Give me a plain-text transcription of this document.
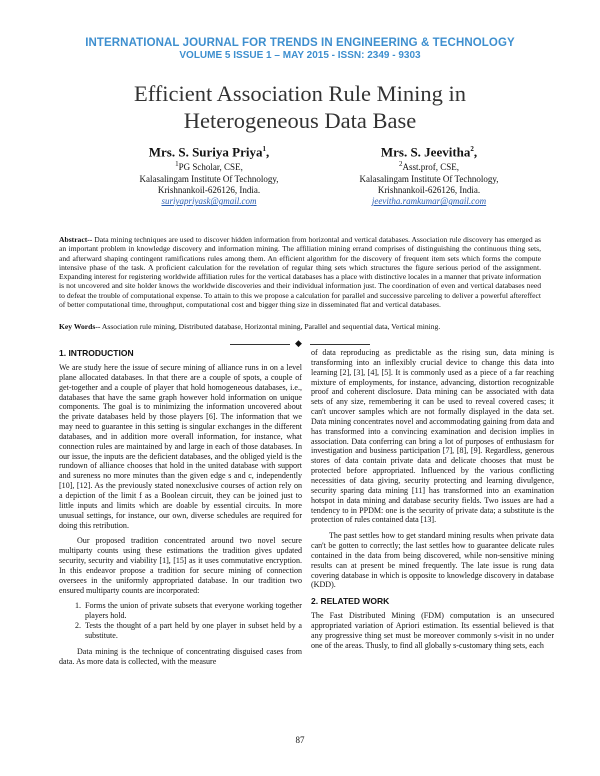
INTERNATIONAL JOURNAL FOR TRENDS IN ENGINEERING & TECHNOLOGY
VOLUME 5 ISSUE 1 – MAY 2015 - ISSN: 2349 - 9303
Efficient Association Rule Mining in
Heterogeneous Data Base
Mrs. S. Suriya Priya$^1$,
$^1$PG Scholar, CSE,
Kalasalingam Institute Of Technology,
Krishnankoil-626126, India.
suriyapriyask@gmail.com
Mrs. S. Jeevitha$^2$,
$^2$Asst.prof, CSE,
Kalasalingam Institute Of Technology,
Krishnankoil-626126, India.
jeevitha.ramkumar@gmail.com
Abstract-- Data mining techniques are used to discover hidden information from horizontal and vertical databases. Association rule discovery has emerged as an important problem in knowledge discovery and information mining. The affiliation mining errand comprises of distinguishing the continuous thing sets, and afterward shaping contingent ramifications rules among them. An efficient algorithm for the discovery of frequent item sets which forms the compute intensive phase of the task. A proficient calculation for the revelation of regular thing sets which structures the figure serious period of the assignment. Expanding interest for registering worldwide affiliation rules for the vertical databases has a place with distinctive locales in a manner that private information is not uncovered and site holder knows the worldwide discoveries and their individual information just. The coordination of even and vertical databases need to defeat the trouble of computational expense. To attain to this we propose a calculation for parallel and successive parceling to deliver a powerful aftereffect of better computational time, throughput, computational cost and bigger thing size in disseminated flat and vertical databases.
Key Words-- Association rule mining, Distributed database, Horizontal mining, Parallel and sequential data, Vertical mining.
◆
1. INTRODUCTION

We are study here the issue of secure mining of alliance runs in on a level plane allocated databases. In that there are a couple of spots, a couple of get-together and a couple of player that hold homogeneous databases, i.e., databases that have the same graph however hold information on unique components. The goal is to minimizing the information uncovered about the private databases held by those players [6]. The information that we may need to guarantee in this setting is singular exchanges in the different databases, and in addition more overall information, for instance, what connection rules are maintained by and large in each of those databases. In our issue, the inputs are the deficient databases, and the obliged yield is the rundown of alliance chooses that hold in the united database with support and sureness no more minutes than the given edge s and c, independently [10], [12]. As the previously stated nonexclusive courses of action rely on a depiction of the limit f as a Boolean circuit, they can be joined just to little inputs and limits which are doable by essential circuits. In more unusual settings, for instance, our own, diverse schedules are required for doing this retribution.

Our proposed tradition concentrated around two novel secure multiparty counts using these estimations the tradition gives updated security, security and viability [1], [15] as it uses commutative encryption. In this endeavor propose a tradition for secure mining of connection oversees in the uniformly appropriated database. In our tradition two ensured multiparty counts are incorporated:

1. Forms the union of private subsets that everyone working together players hold.
2. Tests the thought of a part held by one player in subset held by a substitute.

Data mining is the technique of concentrating disguised cases from data. As more data is collected, with the measure

of data reproducing as predictable as the rising sun, data mining is transforming into an inflexibly crucial device to change this data into learning [2], [3], [4], [5]. It is commonly used as a piece of a far reaching mixture of employments, for instance, advancing, distortion recognizable proof and coherent disclosure. Data mining can be associated with data sets of any size, remembering it can be used to reveal covered cases; it can't uncover samples which are not formally displayed in the data set. Data mining concentrates novel and accommodating gaining from data and has transformed into a convincing examination and decision implies in association. Data conferring can bring a lot of purposes of enthusiasm for investigation and business participation [7], [8], [9]. Regardless, generous stores of data contain private data and delicate chooses that must be protected before appropriated. Influenced by the various conflicting necessities of data giving, security protecting and learning divulgence, security sparing data mining [11] has transformed into an examination hotspot in data mining and database security fields. Two issues are had a tendency to in PPDM: one is the security of private data; a substitute is the protection of rules contained data [13].

The past settles how to get standard mining results when private data can't be gotten to correctly; the last settles how to guarantee delicate rules contained in the data from being discovered, while non-sensitive mining results can at present be mined frequently. The late issue is rung data covering database in which is opposite to knowledge discovery in database (KDD).

2. RELATED WORK

The Fast Distributed Mining (FDM) computation is an unsecured appropriated variation of Apriori estimation. Its essential believed is that any progressive thing set must be moreover commonly s-visit in no under one of the areas. Thusly, to find all globally s-customary thing sets, each

87
